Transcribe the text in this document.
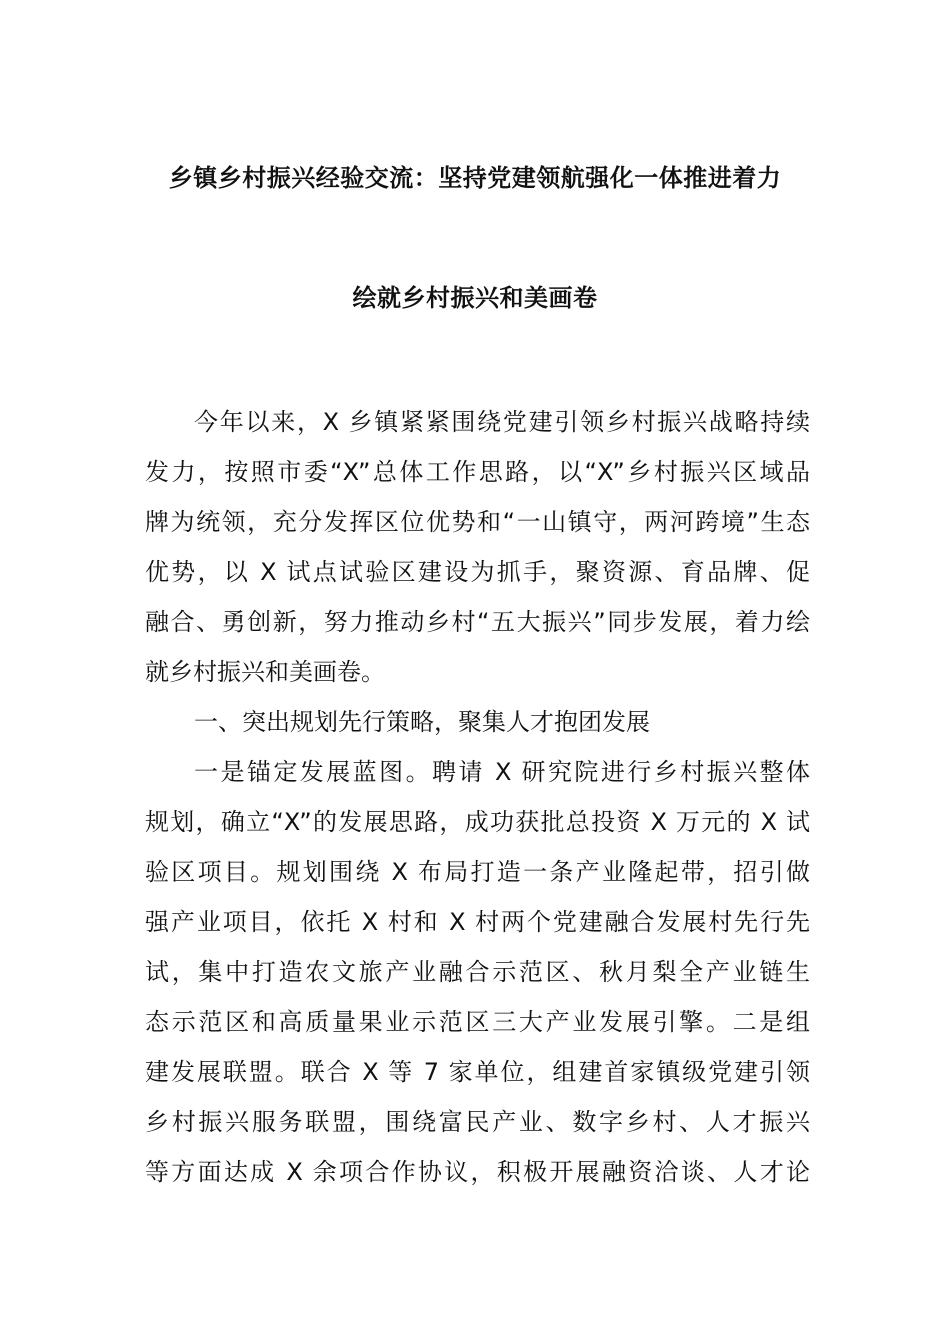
乡镇乡村振兴经验交流：坚持党建领航强化一体推进着力
绘就乡村振兴和美画卷
今年以来，X 乡镇紧紧围绕党建引领乡村振兴战略持续
发力，按照市委“X”总体工作思路，以“X”乡村振兴区域品
牌为统领，充分发挥区位优势和“一山镇守，两河跨境”生态
优势，以 X 试点试验区建设为抓手，聚资源、育品牌、促
融合、勇创新，努力推动乡村“五大振兴”同步发展，着力绘
就乡村振兴和美画卷。
一、突出规划先行策略，聚集人才抱团发展
一是锚定发展蓝图。聘请 X 研究院进行乡村振兴整体
规划，确立“X”的发展思路，成功获批总投资 X 万元的 X 试
验区项目。规划围绕 X 布局打造一条产业隆起带，招引做
强产业项目，依托 X 村和 X 村两个党建融合发展村先行先
试，集中打造农文旅产业融合示范区、秋月梨全产业链生
态示范区和高质量果业示范区三大产业发展引擎。二是组
建发展联盟。联合 X 等 7 家单位，组建首家镇级党建引领
乡村振兴服务联盟，围绕富民产业、数字乡村、人才振兴
等方面达成 X 余项合作协议，积极开展融资洽谈、人才论
